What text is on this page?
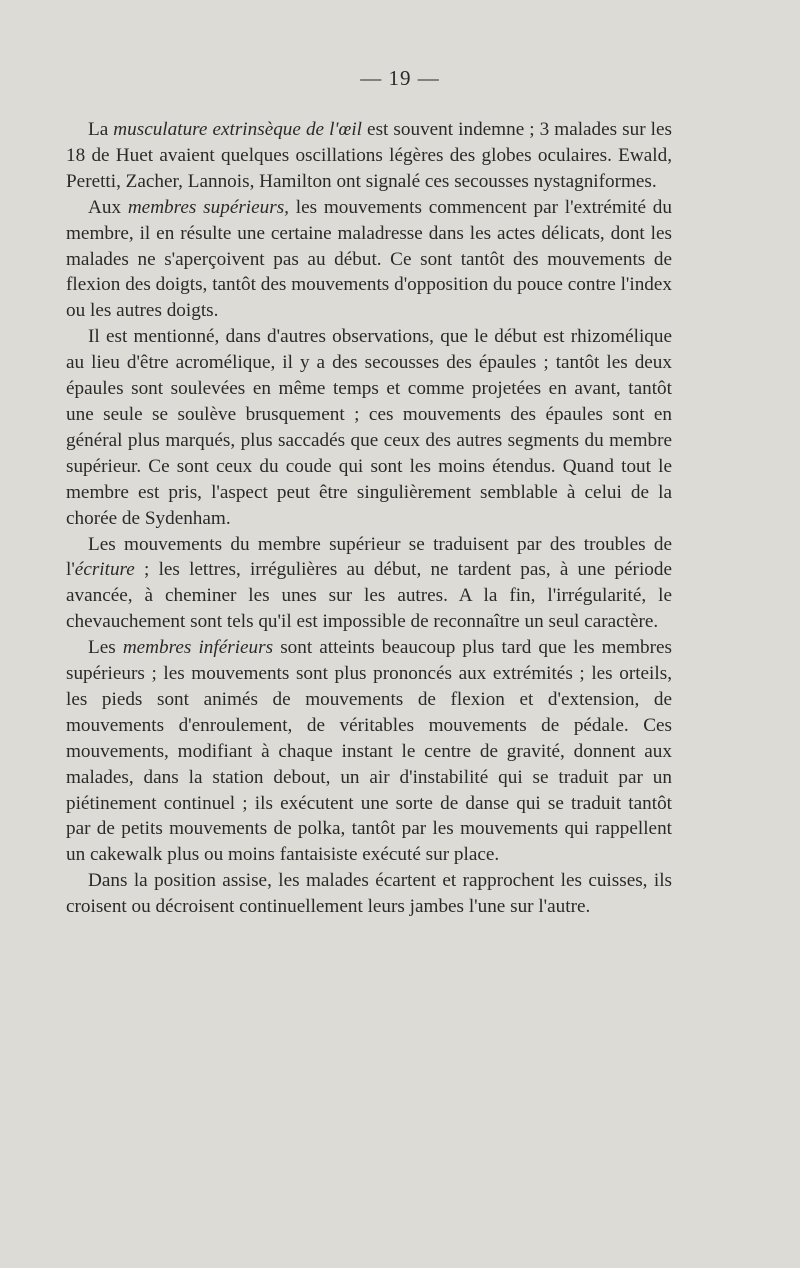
— 19 —

La musculature extrinsèque de l'œil est souvent indemne ; 3 malades sur les 18 de Huet avaient quelques oscillations légères des globes oculaires. Ewald, Peretti, Zacher, Lannois, Hamilton ont signalé ces secousses nystagniformes.

Aux membres supérieurs, les mouvements commencent par l'extrémité du membre, il en résulte une certaine maladresse dans les actes délicats, dont les malades ne s'aperçoivent pas au début. Ce sont tantôt des mouvements de flexion des doigts, tantôt des mouvements d'opposition du pouce contre l'index ou les autres doigts.

Il est mentionné, dans d'autres observations, que le début est rhizomélique au lieu d'être acromélique, il y a des secousses des épaules ; tantôt les deux épaules sont soulevées en même temps et comme projetées en avant, tantôt une seule se soulève brusquement ; ces mouvements des épaules sont en général plus marqués, plus saccadés que ceux des autres segments du membre supérieur. Ce sont ceux du coude qui sont les moins étendus. Quand tout le membre est pris, l'aspect peut être singulièrement semblable à celui de la chorée de Sydenham.

Les mouvements du membre supérieur se traduisent par des troubles de l'écriture ; les lettres, irrégulières au début, ne tardent pas, à une période avancée, à cheminer les unes sur les autres. A la fin, l'irrégularité, le chevauchement sont tels qu'il est impossible de reconnaître un seul caractère.

Les membres inférieurs sont atteints beaucoup plus tard que les membres supérieurs ; les mouvements sont plus prononcés aux extrémités ; les orteils, les pieds sont animés de mouvements de flexion et d'extension, de mouvements d'enroulement, de véritables mouvements de pédale. Ces mouvements, modifiant à chaque instant le centre de gravité, donnent aux malades, dans la station debout, un air d'instabilité qui se traduit par un piétinement continuel ; ils exécutent une sorte de danse qui se traduit tantôt par de petits mouvements de polka, tantôt par les mouvements qui rappellent un cakewalk plus ou moins fantaisiste exécuté sur place.

Dans la position assise, les malades écartent et rapprochent les cuisses, ils croisent ou décroisent continuellement leurs jambes l'une sur l'autre.
